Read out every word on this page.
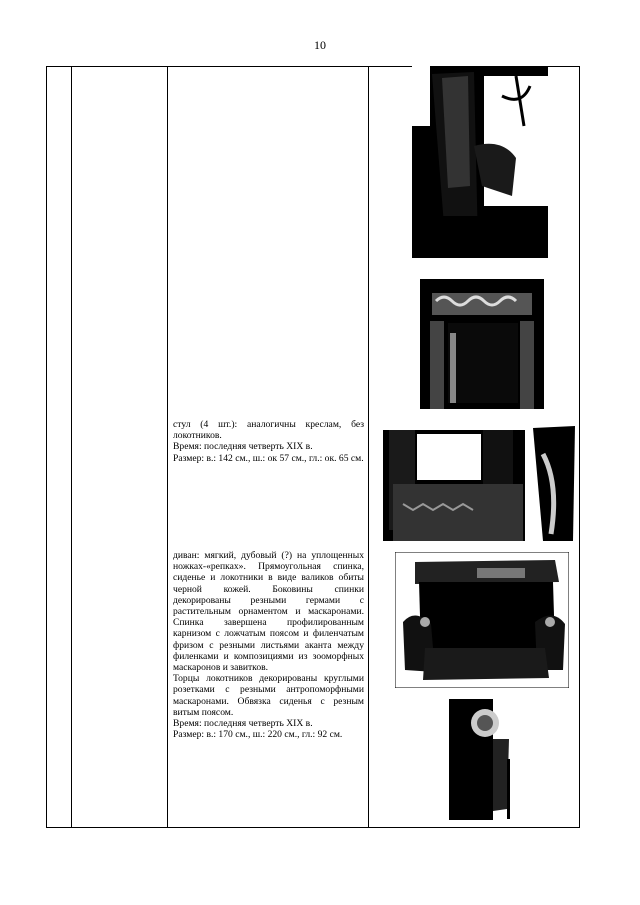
10

стул (4 шт.): аналогичны креслам, без локотников.

Время: последняя четверть XIX в.

Размер: в.: 142 см., ш.: ок 57 см., гл.: ок. 65 см.

диван: мягкий, дубовый (?) на уплощенных ножках-«репках». Прямоугольная спинка, сиденье и локотники в виде валиков обиты черной кожей. Боковины спинки декорированы резными гермами с растительным орнаментом и маскаронами. Спинка завершена профилированным карнизом с ложчатым поясом и филенчатым фризом с резными листьями аканта между филенками и композициями из зооморфных маскаронов и завитков.

Торцы локотников декорированы круглыми розетками с резными антропоморфными маскаронами. Обвязка сиденья с резным витым поясом.

Время: последняя четверть XIX в.

Размер: в.: 170 см., ш.: 220 см., гл.: 92 см.
